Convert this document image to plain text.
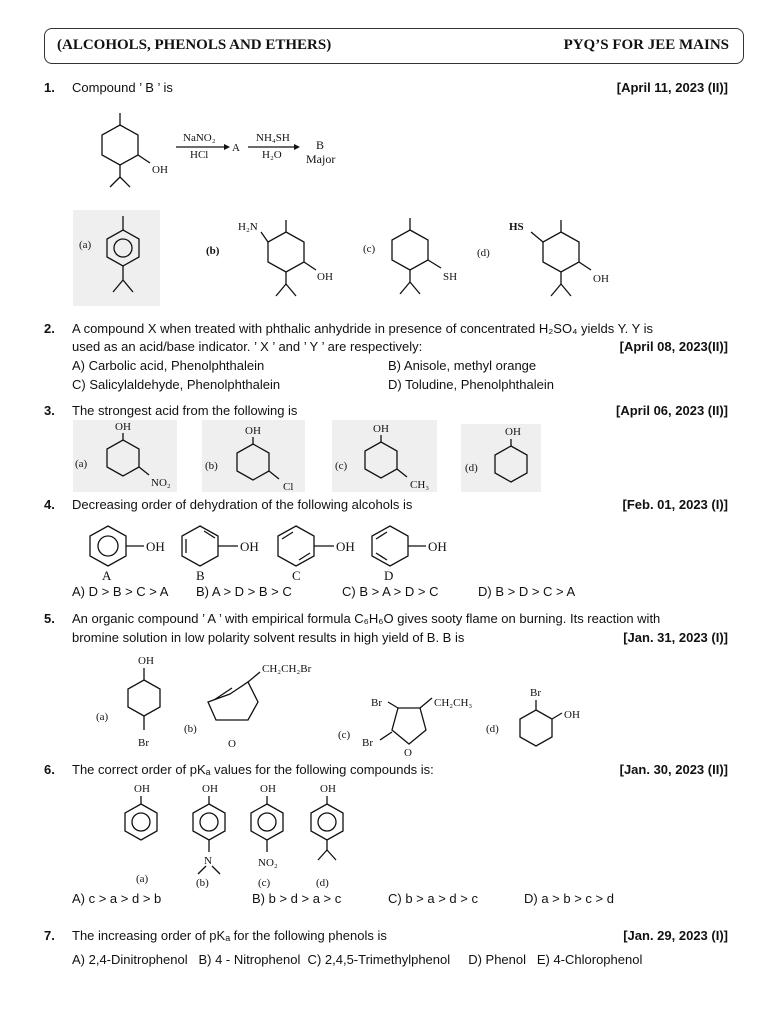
(ALCOHOLS, PHENOLS AND ETHERS)	PYQ’S FOR JEE MAINS
1. Compound ’ B ’ is	[April 11, 2023 (II)]
OH
NaNO₂
HCl
A
NH₄SH
H₂O
B
Major
(a)	(b)
H₂N
OH
(c)
SH
(d)
HS
OH
2. A compound X when treated with phthalic anhydride in presence of concentrated H₂SO₄ yields Y. Y is
used as an acid/base indicator. ’ X ’ and ’ Y ’ are respectively:	[April 08, 2023(II)]
A) Carbolic acid, Phenolphthalein	B) Anisole, methyl orange
C) Salicylaldehyde, Phenolphthalein	D) Toludine, Phenolphthalein
3. The strongest acid from the following is	[April 06, 2023 (II)]
(a)
OH
NO₂
(b)
OH
Cl
(c)
OH
CH₃
(d)
OH
4. Decreasing order of dehydration of the following alcohols is	[Feb. 01, 2023 (I)]
OH
A
OH
B
OH
C
OH
D
A) D > B > C > A B) A > D > B > C	C) B > A > D > C	D) B > D > C > A
5. An organic compound ’ A ’ with empirical formula C₆H₆O gives sooty flame on burning. Its reaction with
bromine solution in low polarity solvent results in high yield of B. B is	[Jan. 31, 2023 (I)]
OH
Br
(a)
(b)
O
CH₂CH₂Br
(c)
Br	CH₂CH₃
Br
O
(d)
Br
OH
6. The correct order of pKₐ values for the following compounds is:	[Jan. 30, 2023 (II)]
OH
(a)
OH
N
(b)
OH
NO₂
(c)
OH
(d)
A) c > a > d > b	B) b > d > a > c	C) b > a > d > c	D) a > b > c > d
7. The increasing order of pKₐ for the following phenols is	[Jan. 29, 2023 (I)]
A) 2,4-Dinitrophenol   B) 4 - Nitrophenol  C) 2,4,5-Trimethylphenol     D) Phenol   E) 4-Chlorophenol
